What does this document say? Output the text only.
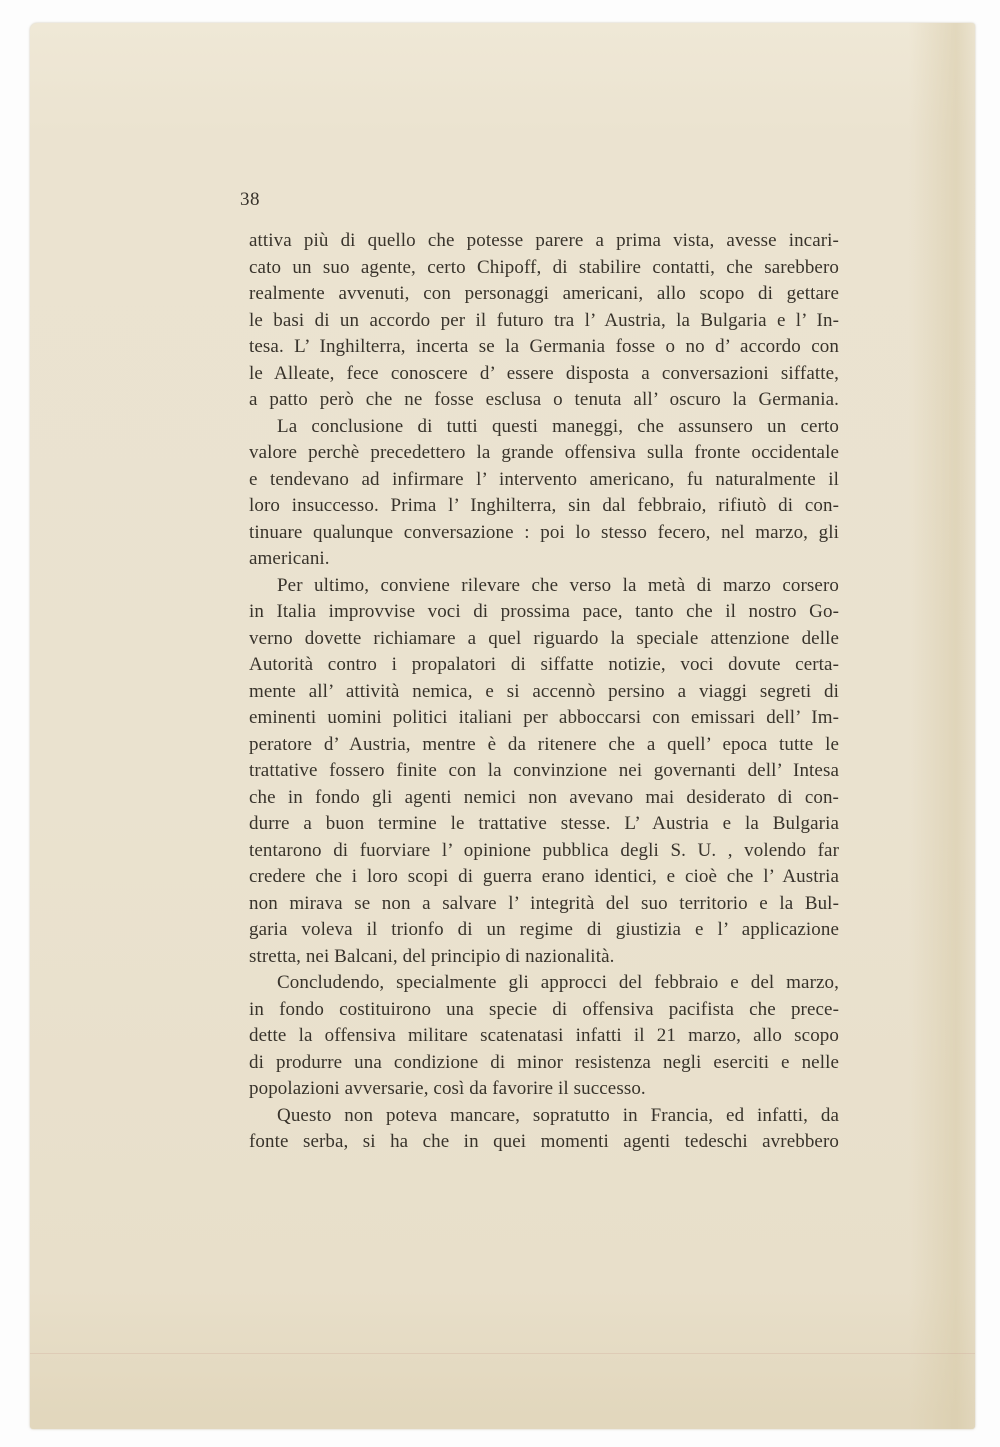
38
attiva più di quello che potesse parere a prima vista, avesse incari-
cato un suo agente, certo Chipoff, di stabilire contatti, che sarebbero
realmente avvenuti, con personaggi americani, allo scopo di gettare
le basi di un accordo per il futuro tra l’ Austria, la Bulgaria e l’ In-
tesa. L’ Inghilterra, incerta se la Germania fosse o no d’ accordo con
le Alleate, fece conoscere d’ essere disposta a conversazioni siffatte,
a patto però che ne fosse esclusa o tenuta all’ oscuro la Germania.
La conclusione di tutti questi maneggi, che assunsero un certo
valore perchè precedettero la grande offensiva sulla fronte occidentale
e tendevano ad infirmare l’ intervento americano, fu naturalmente il
loro insuccesso. Prima l’ Inghilterra, sin dal febbraio, rifiutò di con-
tinuare qualunque conversazione : poi lo stesso fecero, nel marzo, gli
americani.
Per ultimo, conviene rilevare che verso la metà di marzo corsero
in Italia improvvise voci di prossima pace, tanto che il nostro Go-
verno dovette richiamare a quel riguardo la speciale attenzione delle
Autorità contro i propalatori di siffatte notizie, voci dovute certa-
mente all’ attività nemica, e si accennò persino a viaggi segreti di
eminenti uomini politici italiani per abboccarsi con emissari dell’ Im-
peratore d’ Austria, mentre è da ritenere che a quell’ epoca tutte le
trattative fossero finite con la convinzione nei governanti dell’ Intesa
che in fondo gli agenti nemici non avevano mai desiderato di con-
durre a buon termine le trattative stesse. L’ Austria e la Bulgaria
tentarono di fuorviare l’ opinione pubblica degli S. U. , volendo far
credere che i loro scopi di guerra erano identici, e cioè che l’ Austria
non mirava se non a salvare l’ integrità del suo territorio e la Bul-
garia voleva il trionfo di un regime di giustizia e l’ applicazione
stretta, nei Balcani, del principio di nazionalità.
Concludendo, specialmente gli approcci del febbraio e del marzo,
in fondo costituirono una specie di offensiva pacifista che prece-
dette la offensiva militare scatenatasi infatti il 21 marzo, allo scopo
di produrre una condizione di minor resistenza negli eserciti e nelle
popolazioni avversarie, così da favorire il successo.
Questo non poteva mancare, sopratutto in Francia, ed infatti, da
fonte serba, si ha che in quei momenti agenti tedeschi avrebbero
